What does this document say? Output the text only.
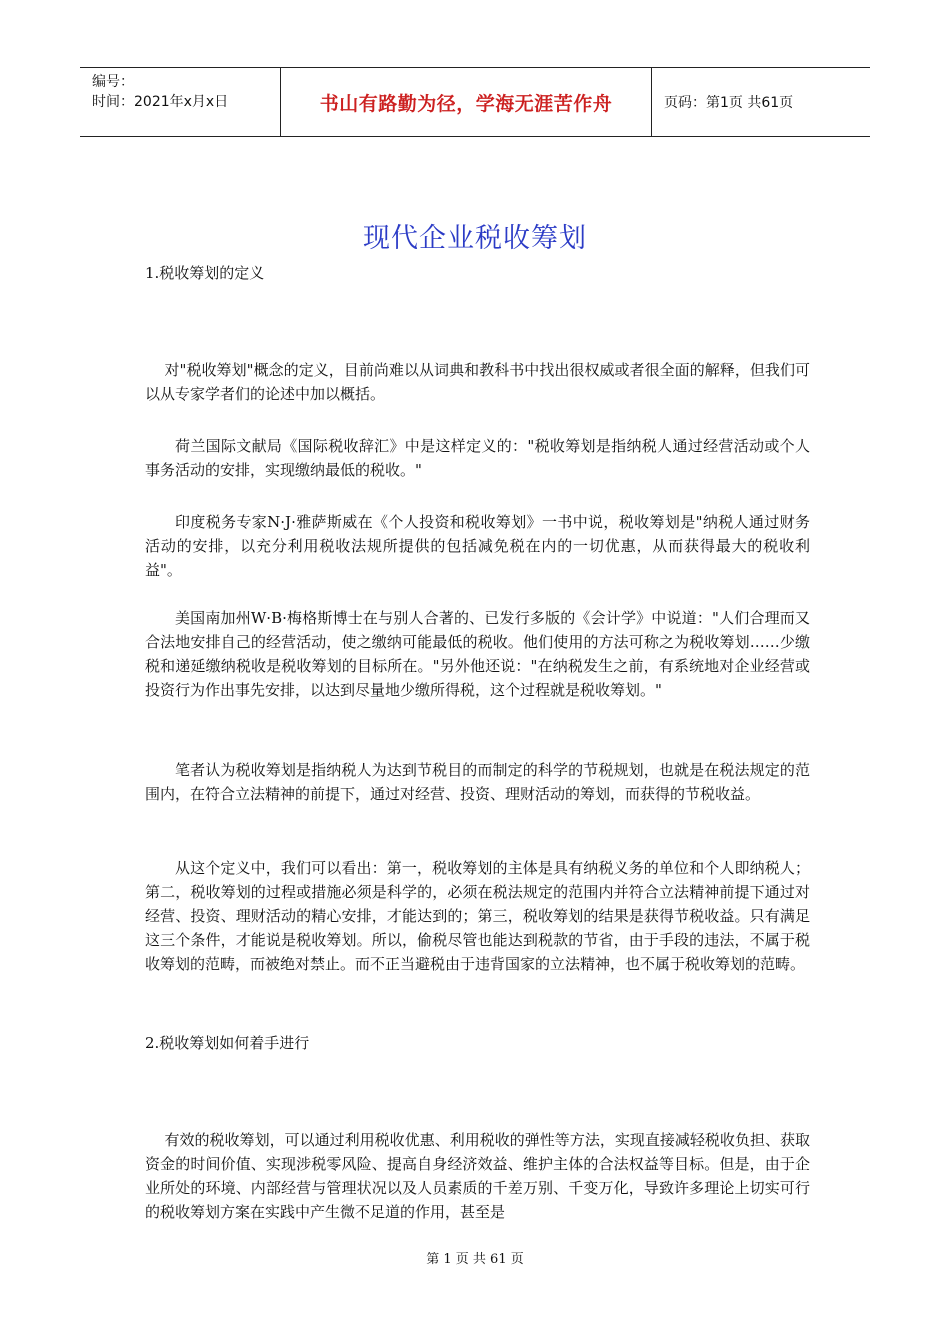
编号：
时间：2021年x月x日	书山有路勤为径，学海无涯苦作舟	页码：第1页 共61页
现代企业税收筹划
1.税收筹划的定义

对"税收筹划"概念的定义，目前尚难以从词典和教科书中找出很权威或者很全面的解释，但我们可以从专家学者们的论述中加以概括。

荷兰国际文献局《国际税收辞汇》中是这样定义的："税收筹划是指纳税人通过经营活动或个人事务活动的安排，实现缴纳最低的税收。"

印度税务专家N·J·雅萨斯威在《个人投资和税收筹划》一书中说，税收筹划是"纳税人通过财务活动的安排，以充分利用税收法规所提供的包括减免税在内的一切优惠，从而获得最大的税收利益"。

美国南加州W·B·梅格斯博士在与别人合著的、已发行多版的《会计学》中说道："人们合理而又合法地安排自己的经营活动，使之缴纳可能最低的税收。他们使用的方法可称之为税收筹划……少缴税和递延缴纳税收是税收筹划的目标所在。"另外他还说："在纳税发生之前，有系统地对企业经营或投资行为作出事先安排，以达到尽量地少缴所得税，这个过程就是税收筹划。"

笔者认为税收筹划是指纳税人为达到节税目的而制定的科学的节税规划，也就是在税法规定的范围内，在符合立法精神的前提下，通过对经营、投资、理财活动的筹划，而获得的节税收益。

从这个定义中，我们可以看出：第一，税收筹划的主体是具有纳税义务的单位和个人即纳税人；第二，税收筹划的过程或措施必须是科学的，必须在税法规定的范围内并符合立法精神前提下通过对经营、投资、理财活动的精心安排，才能达到的；第三，税收筹划的结果是获得节税收益。只有满足这三个条件，才能说是税收筹划。所以，偷税尽管也能达到税款的节省，由于手段的违法，不属于税收筹划的范畴，而被绝对禁止。而不正当避税由于违背国家的立法精神，也不属于税收筹划的范畴。

2.税收筹划如何着手进行

有效的税收筹划，可以通过利用税收优惠、利用税收的弹性等方法，实现直接减轻税收负担、获取资金的时间价值、实现涉税零风险、提高自身经济效益、维护主体的合法权益等目标。但是，由于企业所处的环境、内部经营与管理状况以及人员素质的千差万别、千变万化，导致许多理论上切实可行的税收筹划方案在实践中产生微不足道的作用，甚至是

第 1 页 共 61 页
